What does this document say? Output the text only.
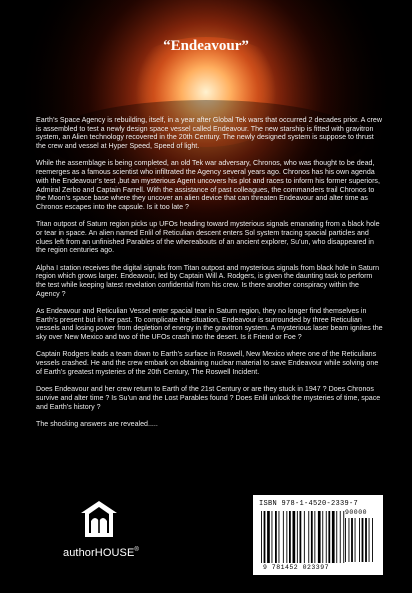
“Endeavour”

Earth’s Space Agency is rebuilding, itself, in a year after Global Tek wars that occurred 2 decades prior. A crew is assembled to test a newly design space vessel called Endeavour. The new starship is fitted with gravitron system, an Alien technology recovered in the 20th Century. The newly designed system is suppose to thrust the crew and vessel at Hyper Speed, Speed of light.

While the assemblage is being completed, an old Tek war adversary, Chronos, who was thought to be dead, reemerges as a famous scientist who infiltrated the Agency several years ago. Chronos has his own agenda with the Endeavour’s test ,but an mysterious Agent uncovers his plot and races to inform his former superiors, Admiral Zerbo and Captain Farrell. With the assistance of past colleagues, the commanders trail Chronos to the Moon’s space base where they uncover an alien device that can threaten Endeavour and alter time as Chronos escapes into the capsule. Is it too late ?

Titan outpost of Saturn region picks up UFOs heading toward mysterious signals emanating from a black hole or tear in space. An alien named Enlil of Reticulian descent enters Sol system tracing spacial particles and clues left from an unfinished Parables of the whereabouts of an ancient explorer, Su’un, who disappeared in the region centuries ago.

Alpha I station receives the digital signals from Titan outpost and mysterious signals from black hole in Saturn region which grows larger. Endeavour, led by Captain Will A. Rodgers, is given the daunting task to perform the test while keeping latest revelation confidential from his crew. Is there another conspiracy within the Agency ?

As Endeavour and Reticulian Vessel enter spacial tear in Saturn region, they no longer find themselves in Earth’s present but in her past. To complicate the situation, Endeavour is surrounded by three Reticulian vessels and losing power from depletion of energy in the gravitron system. A mysterious laser beam ignites the sky over New Mexico and two of the UFOs crash into the desert. Is it Friend or Foe ?

Captain Rodgers leads a team down to Earth’s surface in Roswell, New Mexico where one of the Reticulians vessels crashed. He and the crew embark on obtaining nuclear material to save Endeavour while solving one of Earth’s greatest mysteries of the 20th Century, The Roswell Incident.

Does Endeavour and her crew return to Earth of the 21st Century or are they stuck in 1947 ? Does Chronos survive and alter time ? Is Su’un and the Lost Parables found ? Does Enlil unlock the mysteries of time, space and Earth’s history ?

The shocking answers are revealed.....

authorHOUSE®
ISBN 978-1-4520-2339-7
90000
9 781452 023397
